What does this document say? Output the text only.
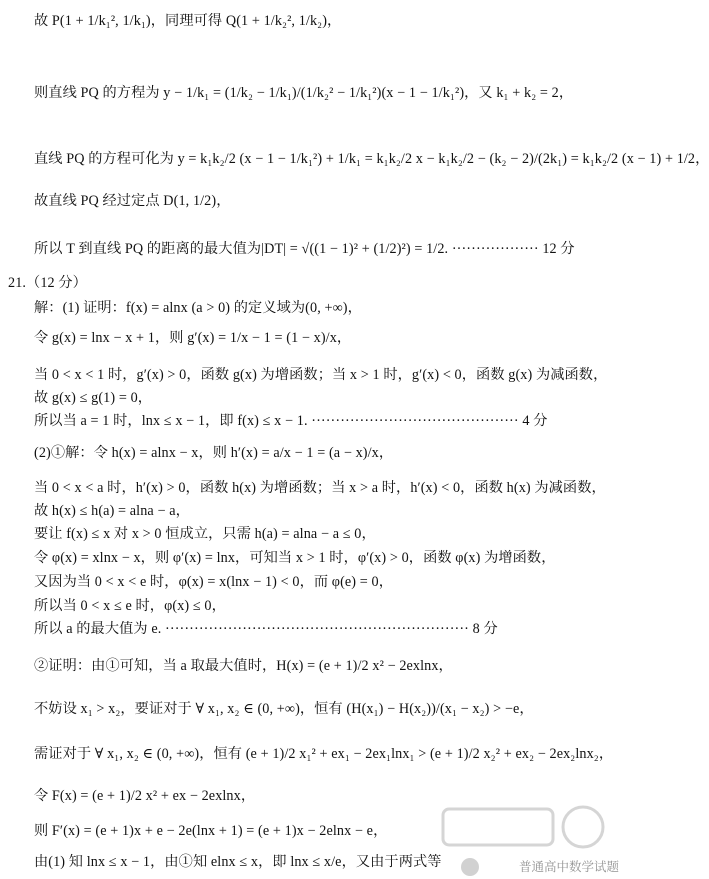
故 P(1 + 1/k₁², 1/k₁)，同理可得 Q(1 + 1/k₂², 1/k₂)，
则直线 PQ 的方程为 y − 1/k₁ = (1/k₂ − 1/k₁)/(1/k₂² − 1/k₁²)(x − 1 − 1/k₁²)，又 k₁ + k₂ = 2，
直线 PQ 的方程可化为 y = k₁k₂/2 (x − 1 − 1/k₁²) + 1/k₁ = k₁k₂/2 x − k₁k₂/2 − (k₂ − 2)/(2k₁) = k₁k₂/2 (x − 1) + 1/2，
故直线 PQ 经过定点 D(1, 1/2)，
所以 T 到直线 PQ 的距离的最大值为|DT| = √((1 − 1)² + (1/2)²) = 1/2. ·················· 12 分
21.（12 分）
解：(1) 证明：f(x) = alnx (a > 0) 的定义域为(0, +∞)，
令 g(x) = lnx − x + 1，则 g′(x) = 1/x − 1 = (1 − x)/x，
当 0 < x < 1 时，g′(x) > 0，函数 g(x) 为增函数；当 x > 1 时，g′(x) < 0，函数 g(x) 为减函数，
故 g(x) ≤ g(1) = 0，
所以当 a = 1 时，lnx ≤ x − 1，即 f(x) ≤ x − 1. ··········································· 4 分
(2)①解：令 h(x) = alnx − x，则 h′(x) = a/x − 1 = (a − x)/x，
当 0 < x < a 时，h′(x) > 0，函数 h(x) 为增函数；当 x > a 时，h′(x) < 0，函数 h(x) 为减函数，
故 h(x) ≤ h(a) = alna − a，
要让 f(x) ≤ x 对 x > 0 恒成立，只需 h(a) = alna − a ≤ 0，
令 φ(x) = xlnx − x，则 φ′(x) = lnx，可知当 x > 1 时，φ′(x) > 0，函数 φ(x) 为增函数，
又因为当 0 < x < e 时，φ(x) = x(lnx − 1) < 0，而 φ(e) = 0，
所以当 0 < x ≤ e 时，φ(x) ≤ 0，
所以 a 的最大值为 e. ······························································· 8 分
②证明：由①可知，当 a 取最大值时，H(x) = (e + 1)/2 x² − 2exlnx，
不妨设 x₁ > x₂，要证对于 ∀ x₁, x₂ ∈ (0, +∞)，恒有 (H(x₁) − H(x₂))/(x₁ − x₂) > −e，
需证对于 ∀ x₁, x₂ ∈ (0, +∞)，恒有 (e + 1)/2 x₁² + ex₁ − 2ex₁lnx₁ > (e + 1)/2 x₂² + ex₂ − 2ex₂lnx₂，
令 F(x) = (e + 1)/2 x² + ex − 2exlnx，
则 F′(x) = (e + 1)x + e − 2e(lnx + 1) = (e + 1)x − 2elnx − e，
由(1) 知 lnx ≤ x − 1，由①知 elnx ≤ x，即 lnx ≤ x/e，又由于两式等	普通高中数学试题
